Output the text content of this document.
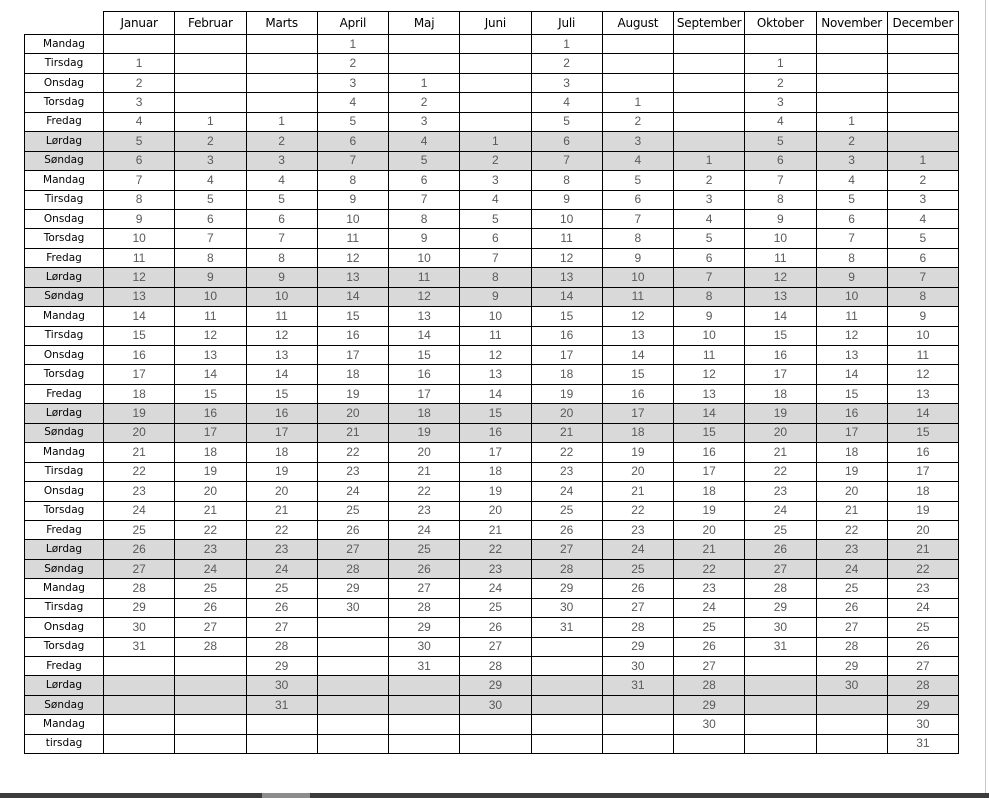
	Januar	Februar	Marts	April	Maj	Juni	Juli	August	September	Oktober	November	December
Mandag				1			1					
Tirsdag	1			2			2			1		
Onsdag	2			3	1		3			2		
Torsdag	3			4	2		4	1		3		
Fredag	4	1	1	5	3		5	2		4	1	
Lørdag	5	2	2	6	4	1	6	3		5	2	
Søndag	6	3	3	7	5	2	7	4	1	6	3	1
Mandag	7	4	4	8	6	3	8	5	2	7	4	2
Tirsdag	8	5	5	9	7	4	9	6	3	8	5	3
Onsdag	9	6	6	10	8	5	10	7	4	9	6	4
Torsdag	10	7	7	11	9	6	11	8	5	10	7	5
Fredag	11	8	8	12	10	7	12	9	6	11	8	6
Lørdag	12	9	9	13	11	8	13	10	7	12	9	7
Søndag	13	10	10	14	12	9	14	11	8	13	10	8
Mandag	14	11	11	15	13	10	15	12	9	14	11	9
Tirsdag	15	12	12	16	14	11	16	13	10	15	12	10
Onsdag	16	13	13	17	15	12	17	14	11	16	13	11
Torsdag	17	14	14	18	16	13	18	15	12	17	14	12
Fredag	18	15	15	19	17	14	19	16	13	18	15	13
Lørdag	19	16	16	20	18	15	20	17	14	19	16	14
Søndag	20	17	17	21	19	16	21	18	15	20	17	15
Mandag	21	18	18	22	20	17	22	19	16	21	18	16
Tirsdag	22	19	19	23	21	18	23	20	17	22	19	17
Onsdag	23	20	20	24	22	19	24	21	18	23	20	18
Torsdag	24	21	21	25	23	20	25	22	19	24	21	19
Fredag	25	22	22	26	24	21	26	23	20	25	22	20
Lørdag	26	23	23	27	25	22	27	24	21	26	23	21
Søndag	27	24	24	28	26	23	28	25	22	27	24	22
Mandag	28	25	25	29	27	24	29	26	23	28	25	23
Tirsdag	29	26	26	30	28	25	30	27	24	29	26	24
Onsdag	30	27	27		29	26	31	28	25	30	27	25
Torsdag	31	28	28		30	27		29	26	31	28	26
Fredag			29		31	28		30	27		29	27
Lørdag			30			29		31	28		30	28
Søndag			31			30			29			29
Mandag									30			30
tirsdag												31
